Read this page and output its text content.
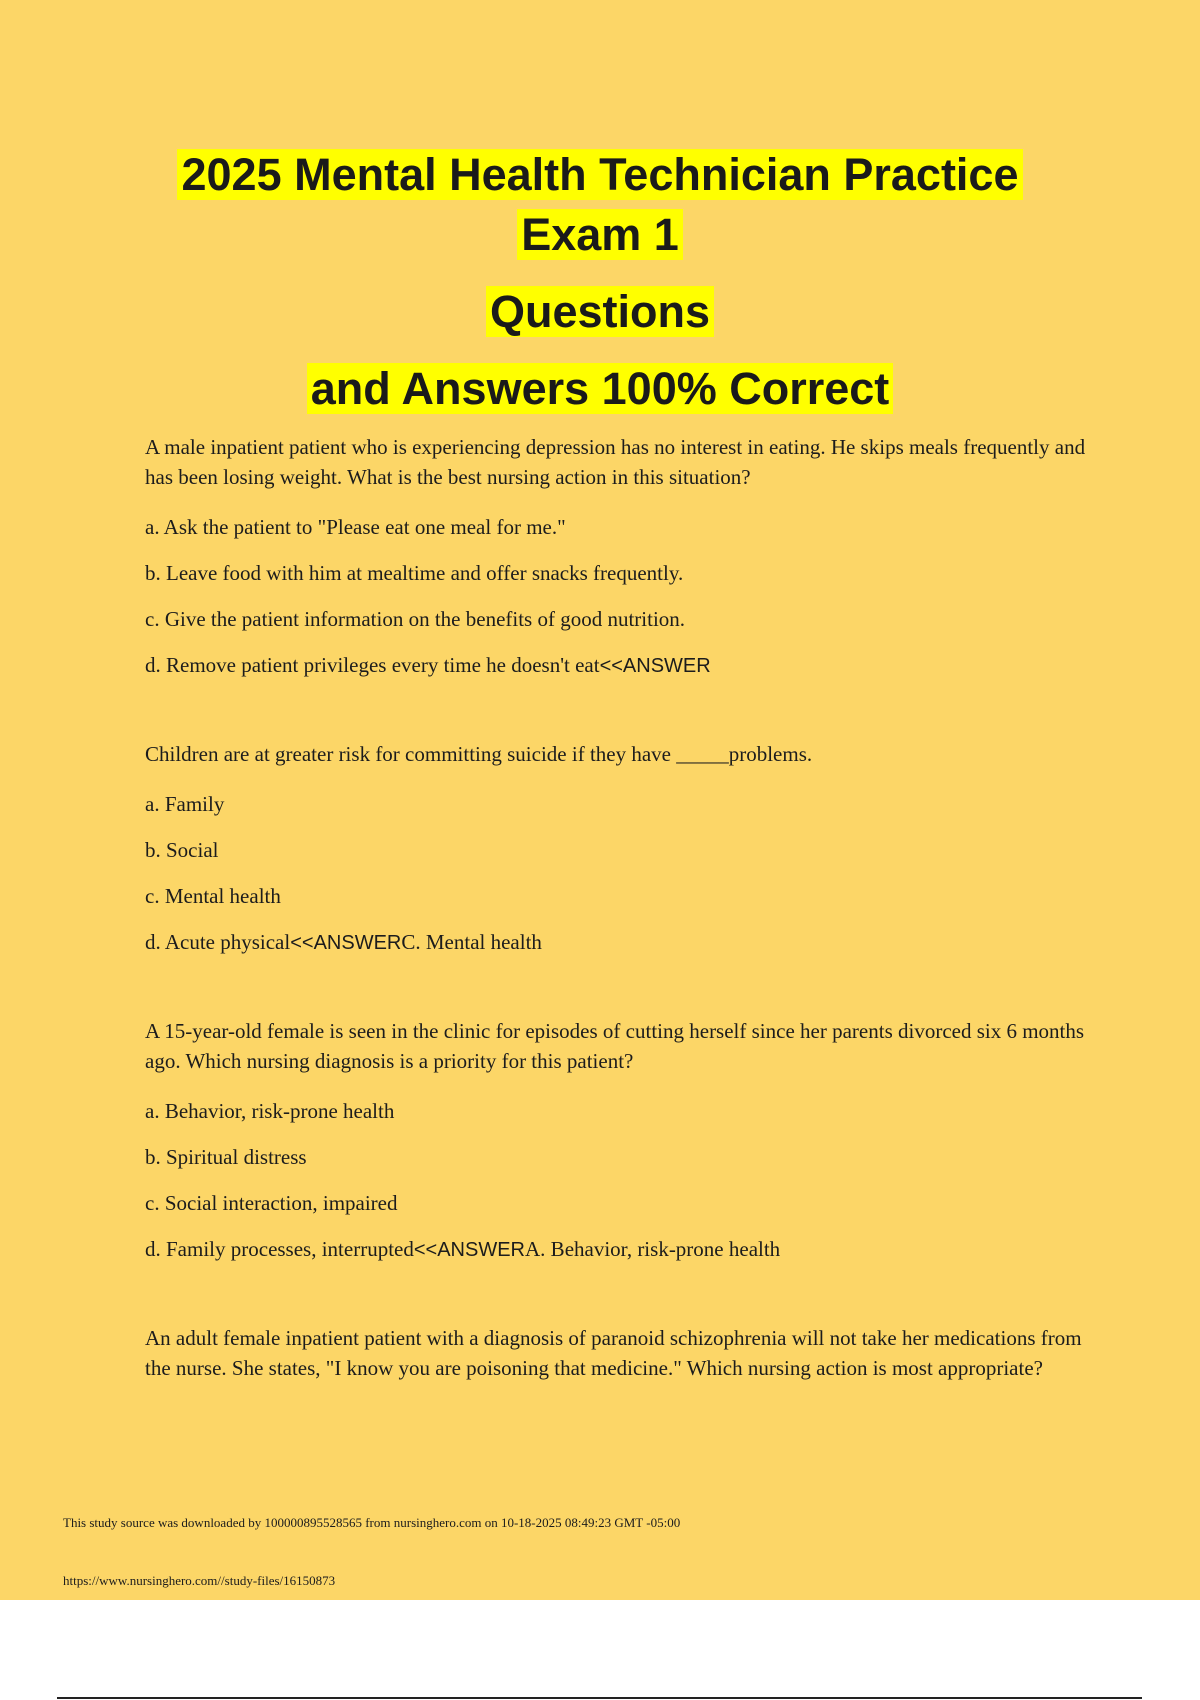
2025 Mental Health Technician Practice
Exam 1
Questions
and Answers 100% Correct

A male inpatient patient who is experiencing depression has no interest in eating. He skips meals frequently and has been losing weight. What is the best nursing action in this situation?

a. Ask the patient to "Please eat one meal for me."

b. Leave food with him at mealtime and offer snacks frequently.

c. Give the patient information on the benefits of good nutrition.

d. Remove patient privileges every time he doesn't eat<<ANSWER

Children are at greater risk for committing suicide if they have _____problems.

a. Family

b. Social

c. Mental health

d. Acute physical<<ANSWERC. Mental health

A 15-year-old female is seen in the clinic for episodes of cutting herself since her parents divorced six 6 months ago. Which nursing diagnosis is a priority for this patient?

a. Behavior, risk-prone health

b. Spiritual distress

c. Social interaction, impaired

d. Family processes, interrupted<<ANSWERA. Behavior, risk-prone health

An adult female inpatient patient with a diagnosis of paranoid schizophrenia will not take her medications from the nurse. She states, "I know you are poisoning that medicine." Which nursing action is most appropriate?

This study source was downloaded by 100000895528565 from nursinghero.com on 10-18-2025 08:49:23 GMT -05:00
https://www.nursinghero.com//study-files/16150873
